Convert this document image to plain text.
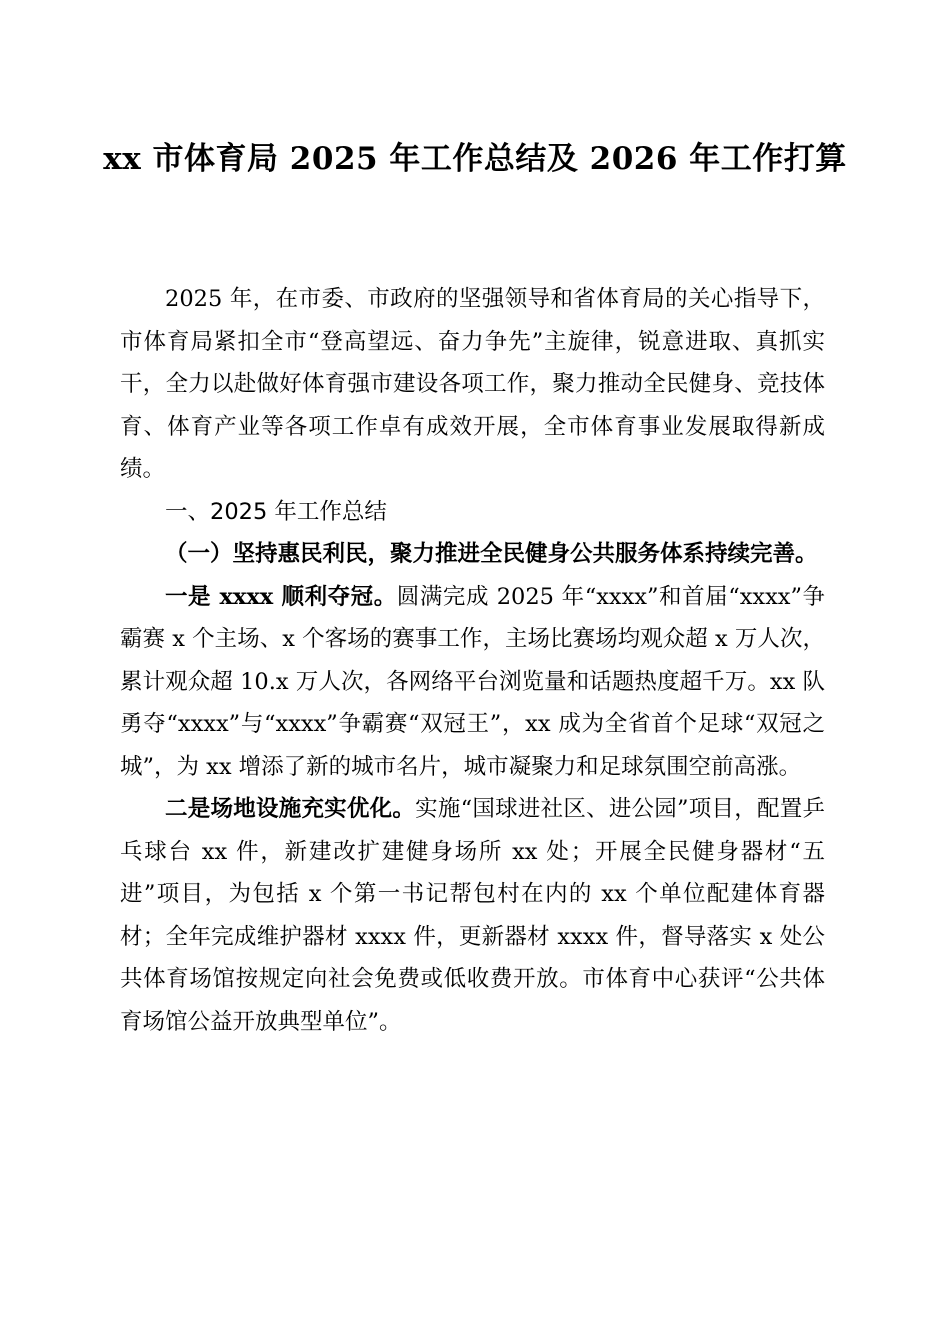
xx 市体育局 2025 年工作总结及 2026 年工作打算

2025 年，在市委、市政府的坚强领导和省体育局的关心指导下，市体育局紧扣全市“登高望远、奋力争先”主旋律，锐意进取、真抓实干，全力以赴做好体育强市建设各项工作，聚力推动全民健身、竞技体育、体育产业等各项工作卓有成效开展，全市体育事业发展取得新成绩。

一、2025 年工作总结

（一）坚持惠民利民，聚力推进全民健身公共服务体系持续完善。

一是 xxxx 顺利夺冠。圆满完成 2025 年“xxxx”和首届“xxxx”争霸赛 x 个主场、x 个客场的赛事工作，主场比赛场均观众超 x 万人次，累计观众超 10.x 万人次，各网络平台浏览量和话题热度超千万。xx 队勇夺“xxxx”与“xxxx”争霸赛“双冠王”，xx 成为全省首个足球“双冠之城”，为 xx 增添了新的城市名片，城市凝聚力和足球氛围空前高涨。

二是场地设施充实优化。实施“国球进社区、进公园”项目，配置乒乓球台 xx 件，新建改扩建健身场所 xx 处；开展全民健身器材“五进”项目，为包括 x 个第一书记帮包村在内的 xx 个单位配建体育器材；全年完成维护器材 xxxx 件，更新器材 xxxx 件，督导落实 x 处公共体育场馆按规定向社会免费或低收费开放。市体育中心获评“公共体育场馆公益开放典型单位”。
